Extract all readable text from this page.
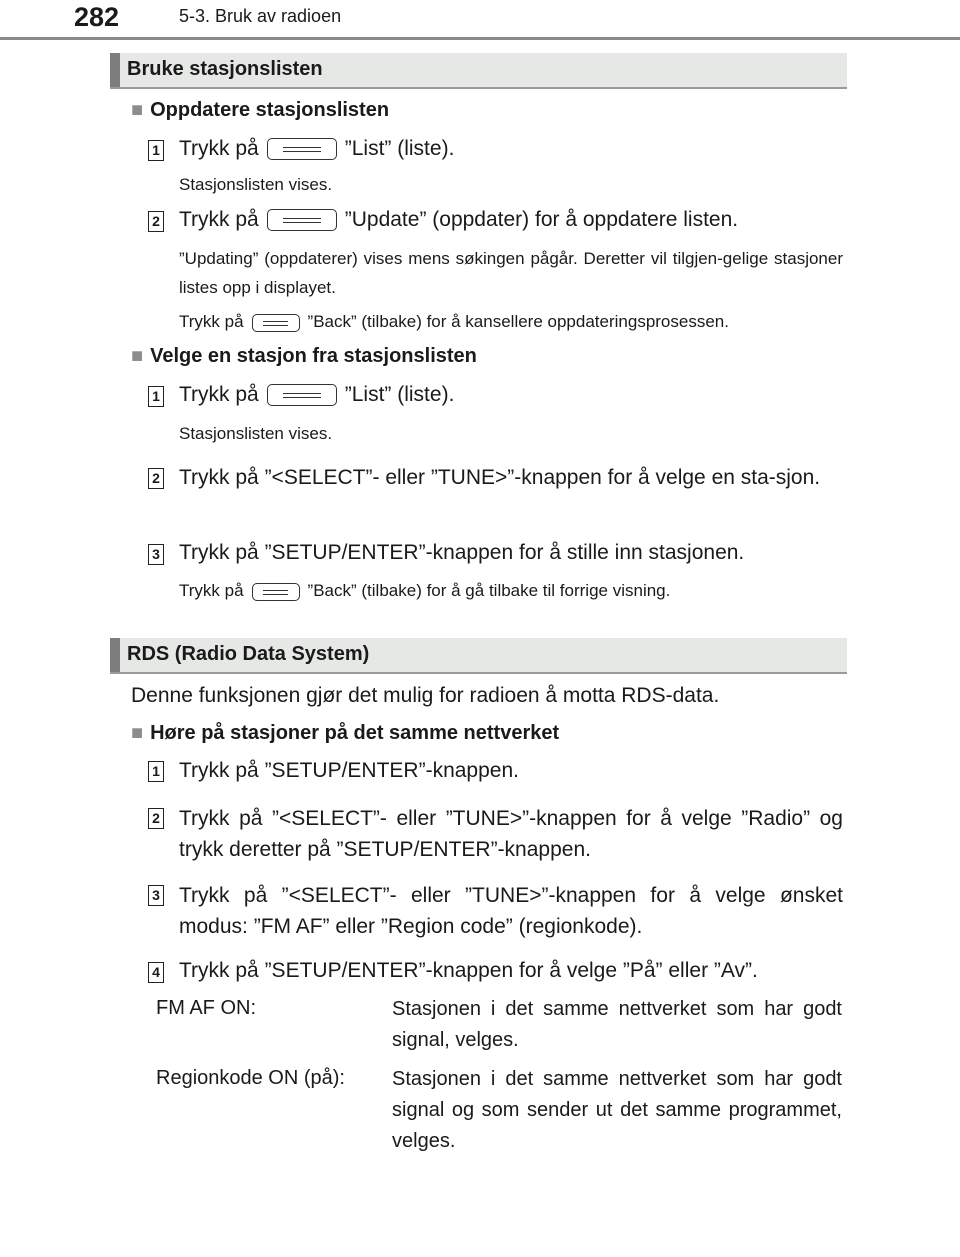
282	5-3. Bruk av radioen
Bruke stasjonslisten
■ Oppdatere stasjonslisten
1 Trykk på	”List” (liste).
Stasjonslisten vises.
2 Trykk på	”Update” (oppdater) for å oppdatere listen.
”Updating” (oppdaterer) vises mens søkingen pågår. Deretter vil tilgjen-gelige stasjoner listes opp i displayet.
Trykk på	”Back” (tilbake) for å kansellere oppdateringsprosessen.
■ Velge en stasjon fra stasjonslisten
1 Trykk på	”List” (liste).
Stasjonslisten vises.
2 Trykk på ”<SELECT”- eller ”TUNE>”-knappen for å velge en sta-sjon.
3 Trykk på ”SETUP/ENTER”-knappen for å stille inn stasjonen.
Trykk på	”Back” (tilbake) for å gå tilbake til forrige visning.
RDS (Radio Data System)
Denne funksjonen gjør det mulig for radioen å motta RDS-data.
■ Høre på stasjoner på det samme nettverket
1 Trykk på ”SETUP/ENTER”-knappen.
2 Trykk på ”<SELECT”- eller ”TUNE>”-knappen for å velge ”Radio” og trykk deretter på ”SETUP/ENTER”-knappen.
3 Trykk på ”<SELECT”- eller ”TUNE>”-knappen for å velge ønsket modus: ”FM AF” eller ”Region code” (regionkode).
4 Trykk på ”SETUP/ENTER”-knappen for å velge ”På” eller ”Av”.
FM AF ON:	Stasjonen i det samme nettverket som har godt signal, velges.
Regionkode ON (på): Stasjonen i det samme nettverket som har godt signal og som sender ut det samme programmet, velges.
